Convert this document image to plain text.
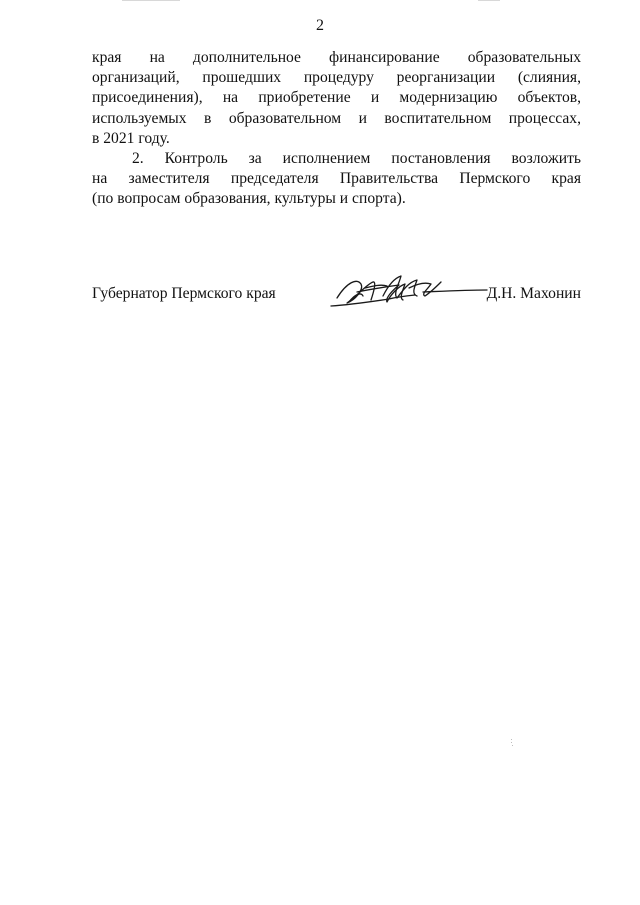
2
края на дополнительное финансирование образовательных
организаций, прошедших процедуру реорганизации (слияния,
присоединения), на приобретение и модернизацию объектов,
используемых в образовательном и воспитательном процессах,
в 2021 году.
2. Контроль за исполнением постановления возложить
на заместителя председателя Правительства Пермского края
(по вопросам образования, культуры и спорта).
Губернатор Пермского края	Д.Н. Махонин
